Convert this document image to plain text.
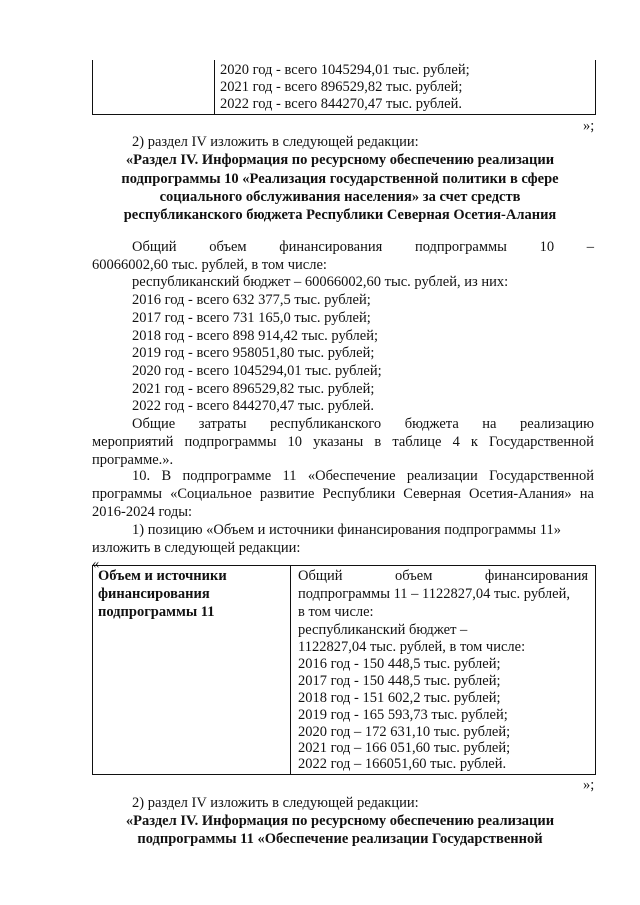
2020 год - всего 1045294,01 тыс. рублей;
2021 год - всего 896529,82 тыс. рублей;
2022 год - всего 844270,47 тыс. рублей.
»;
2) раздел IV изложить в следующей редакции:
«Раздел IV. Информация по ресурсному обеспечению реализации
подпрограммы 10 «Реализация государственной политики в сфере
социального обслуживания населения» за счет средств
республиканского бюджета Республики Северная Осетия-Алания
Общий объем финансирования подпрограммы 10 –
60066002,60 тыс. рублей, в том числе:
республиканский бюджет – 60066002,60 тыс. рублей, из них:
2016 год - всего 632 377,5 тыс. рублей;
2017 год - всего 731 165,0 тыс. рублей;
2018 год - всего 898 914,42 тыс. рублей;
2019 год - всего 958051,80 тыс. рублей;
2020 год - всего 1045294,01 тыс. рублей;
2021 год - всего 896529,82 тыс. рублей;
2022 год - всего 844270,47 тыс. рублей.
Общие затраты республиканского бюджета на реализацию
мероприятий подпрограммы 10 указаны в таблице 4 к Государственной
программе.».
10. В подпрограмме 11 «Обеспечение реализации Государственной
программы «Социальное развитие Республики Северная Осетия-Алания» на
2016-2024 годы:
1) позицию «Объем и источники финансирования подпрограммы 11»
изложить в следующей редакции:
«
Объем и источники
финансирования
подпрограммы 11
Общий	объем	финансирования
подпрограммы 11 – 1122827,04 тыс. рублей,
в том числе:
республиканский бюджет –
1122827,04 тыс. рублей, в том числе:
2016 год - 150 448,5 тыс. рублей;
2017 год - 150 448,5 тыс. рублей;
2018 год - 151 602,2 тыс. рублей;
2019 год - 165 593,73 тыс. рублей;
2020 год – 172 631,10 тыс. рублей;
2021 год – 166 051,60 тыс. рублей;
2022 год – 166051,60 тыс. рублей.
»;
2) раздел IV изложить в следующей редакции:
«Раздел IV. Информация по ресурсному обеспечению реализации
подпрограммы 11 «Обеспечение реализации Государственной
